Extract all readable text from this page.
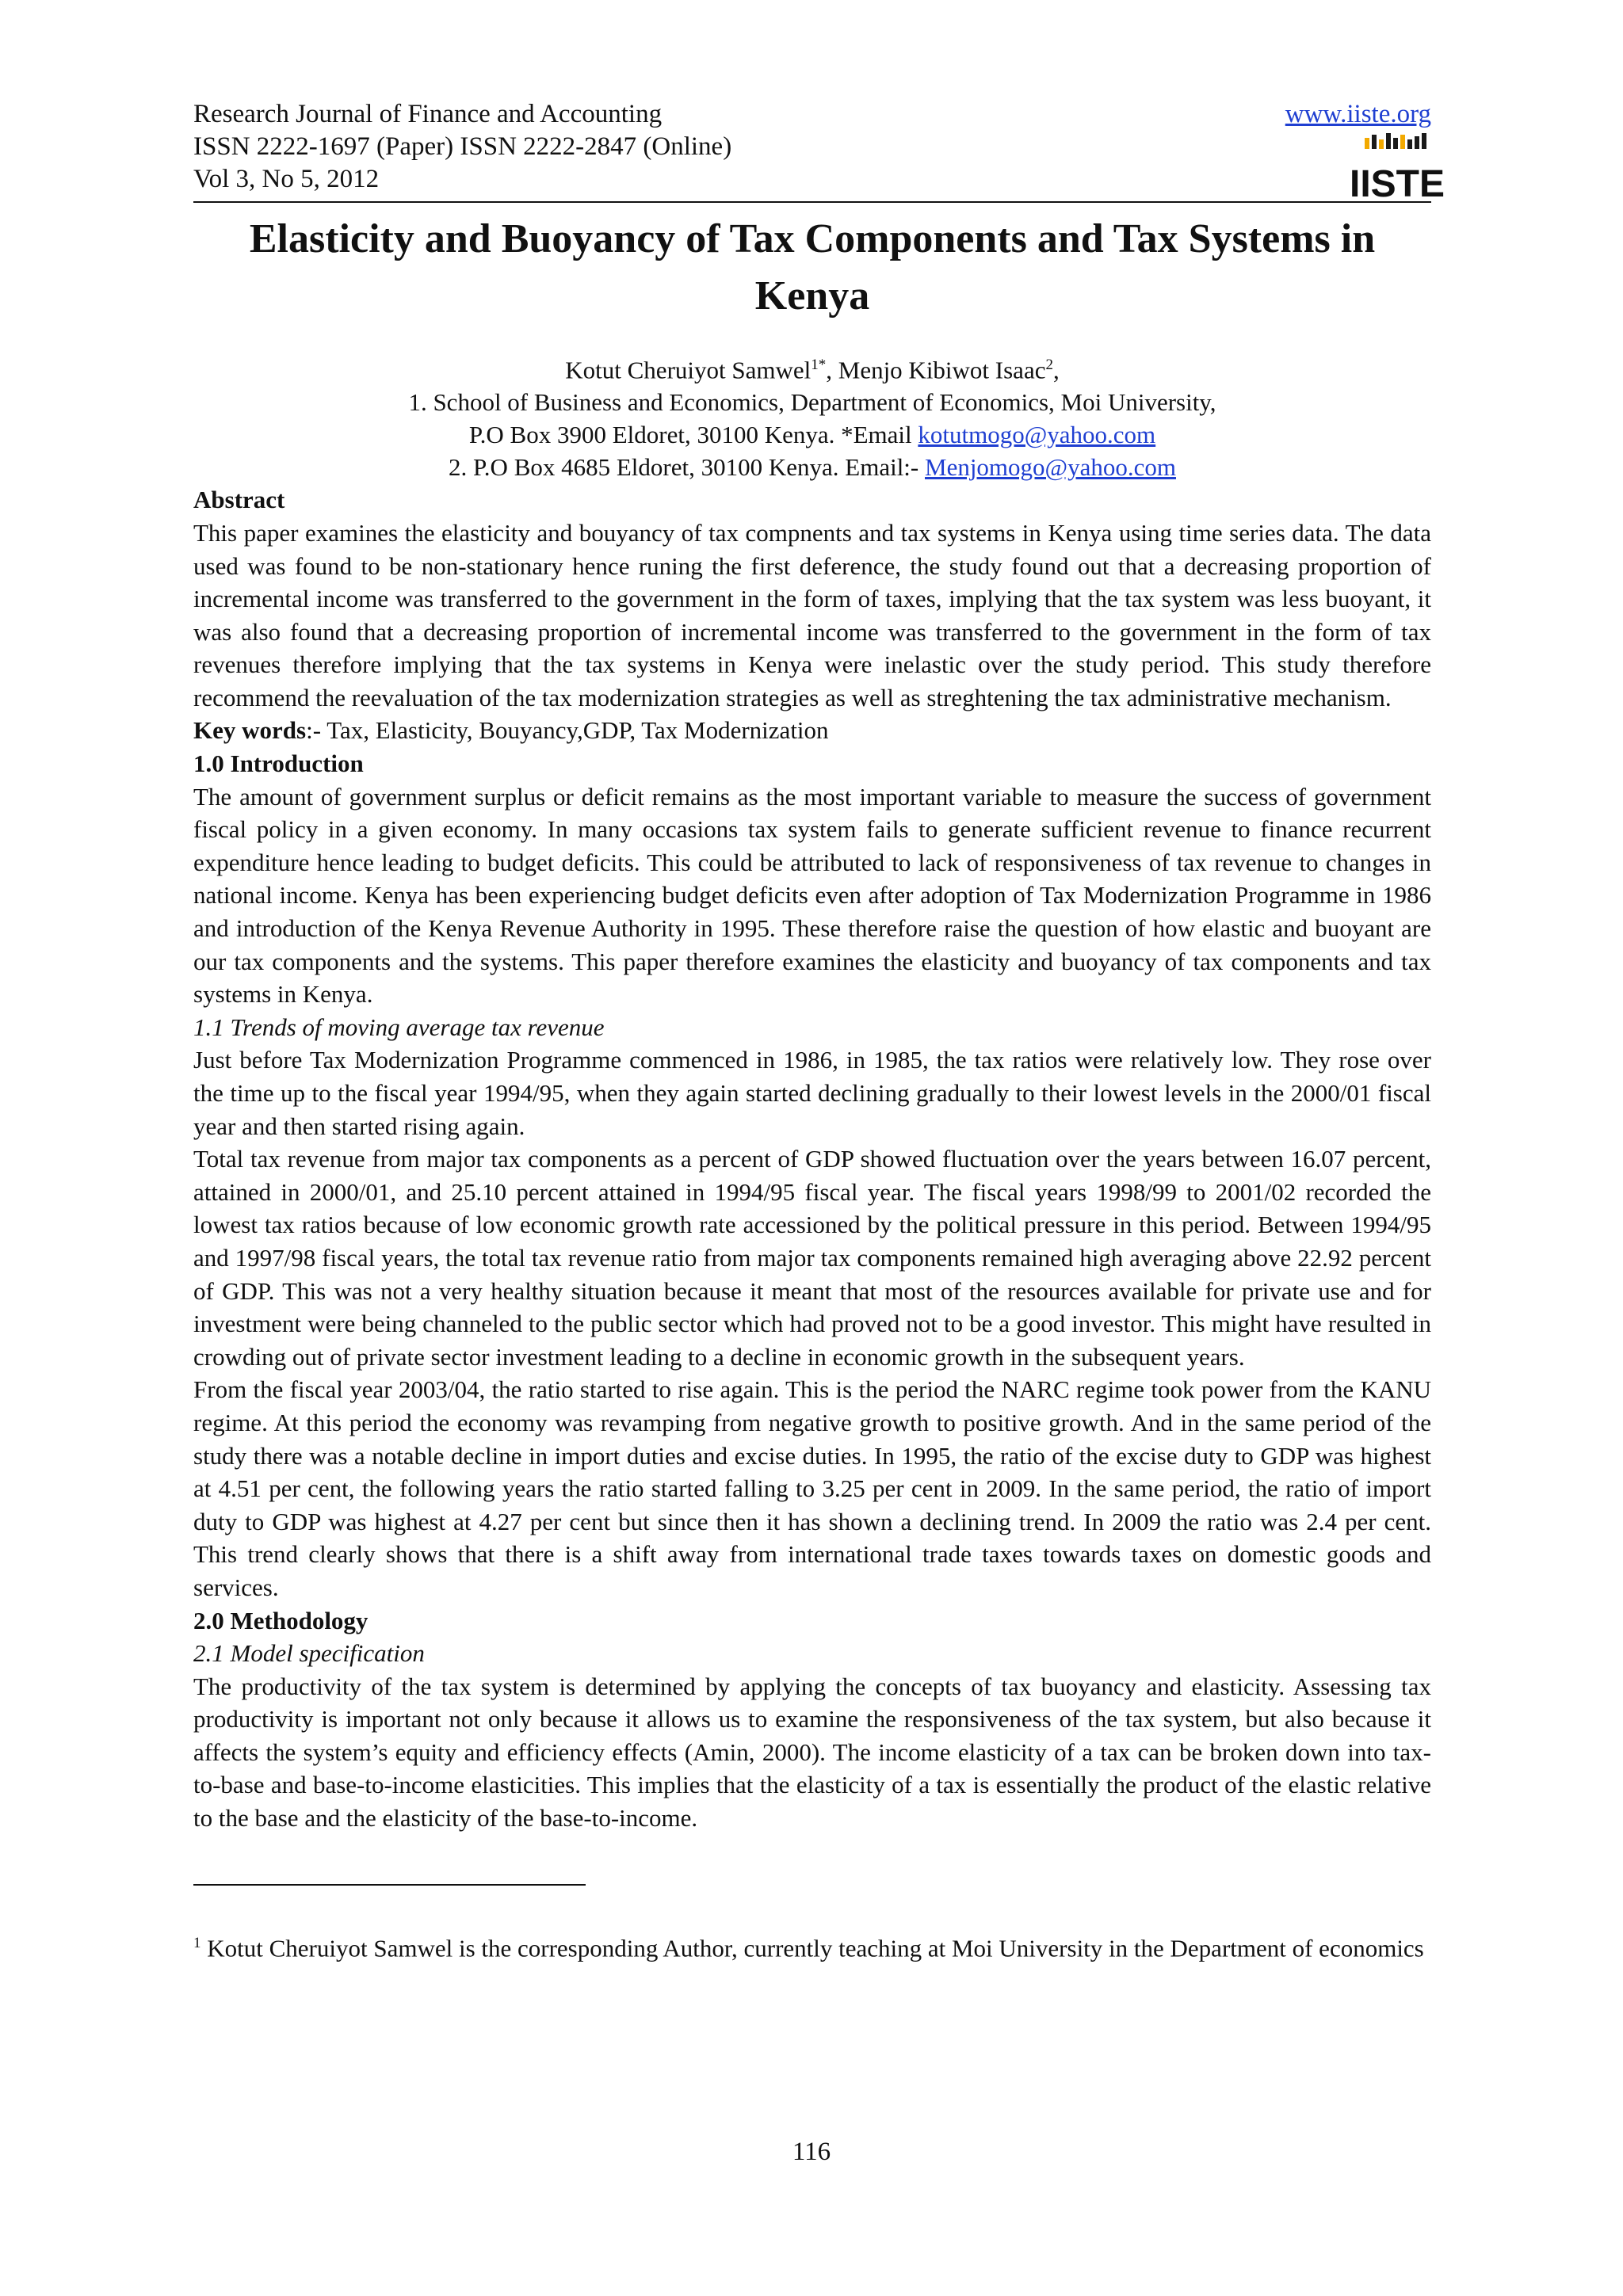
Research Journal of Finance and Accounting
ISSN 2222-1697 (Paper) ISSN 2222-2847 (Online)
Vol 3, No 5, 2012
www.iiste.org
IISTE
Elasticity and Buoyancy of Tax Components and Tax Systems in Kenya
Kotut Cheruiyot Samwel$^{1*}$, Menjo Kibiwot Isaac$^2$,
1. School of Business and Economics, Department of Economics, Moi University,
P.O Box 3900 Eldoret, 30100 Kenya. *Email kotutmogo@yahoo.com
2. P.O Box 4685 Eldoret, 30100 Kenya. Email:- Menjomogo@yahoo.com

Abstract

This paper examines the elasticity and bouyancy of tax compnents and tax systems in Kenya using time series data. The data used was found to be non-stationary hence runing the first deference, the study found out that a decreasing proportion of incremental income was transferred to the government in the form of taxes, implying that the tax system was less buoyant, it was also found that a decreasing proportion of incremental income was transferred to the government in the form of tax revenues therefore implying that the tax systems in Kenya were inelastic over the study period. This study therefore recommend the reevaluation of the tax modernization strategies as well as streghtening the tax administrative mechanism.

Key words:- Tax, Elasticity, Bouyancy,GDP, Tax Modernization

1.0 Introduction

The amount of government surplus or deficit remains as the most important variable to measure the success of government fiscal policy in a given economy. In many occasions tax system fails to generate sufficient revenue to finance recurrent expenditure hence leading to budget deficits. This could be attributed to lack of responsiveness of tax revenue to changes in national income. Kenya has been experiencing budget deficits even after adoption of Tax Modernization Programme in 1986 and introduction of the Kenya Revenue Authority in 1995. These therefore raise the question of how elastic and buoyant are our tax components and the systems. This paper therefore examines the elasticity and buoyancy of tax components and tax systems in Kenya.

1.1 Trends of moving average tax revenue

Just before Tax Modernization Programme commenced in 1986, in 1985, the tax ratios were relatively low. They rose over the time up to the fiscal year 1994/95, when they again started declining gradually to their lowest levels in the 2000/01 fiscal year and then started rising again.

Total tax revenue from major tax components as a percent of GDP showed fluctuation over the years between 16.07 percent, attained in 2000/01, and 25.10 percent attained in 1994/95 fiscal year. The fiscal years 1998/99 to 2001/02 recorded the lowest tax ratios because of low economic growth rate accessioned by the political pressure in this period. Between 1994/95 and 1997/98 fiscal years, the total tax revenue ratio from major tax components remained high averaging above 22.92 percent of GDP. This was not a very healthy situation because it meant that most of the resources available for private use and for investment were being channeled to the public sector which had proved not to be a good investor. This might have resulted in crowding out of private sector investment leading to a decline in economic growth in the subsequent years.

From the fiscal year 2003/04, the ratio started to rise again. This is the period the NARC regime took power from the KANU regime. At this period the economy was revamping from negative growth to positive growth. And in the same period of the study there was a notable decline in import duties and excise duties. In 1995, the ratio of the excise duty to GDP was highest at 4.51 per cent, the following years the ratio started falling to 3.25 per cent in 2009. In the same period, the ratio of import duty to GDP was highest at 4.27 per cent but since then it has shown a declining trend. In 2009 the ratio was 2.4 per cent. This trend clearly shows that there is a shift away from international trade taxes towards taxes on domestic goods and services.

2.0 Methodology

2.1 Model specification

The productivity of the tax system is determined by applying the concepts of tax buoyancy and elasticity. Assessing tax productivity is important not only because it allows us to examine the responsiveness of the tax system, but also because it affects the system’s equity and efficiency effects (Amin, 2000). The income elasticity of a tax can be broken down into tax-to-base and base-to-income elasticities. This implies that the elasticity of a tax is essentially the product of the elastic relative to the base and the elasticity of the base-to-income.

$^1$ Kotut Cheruiyot Samwel is the corresponding Author, currently teaching at Moi University in the Department of economics
116
